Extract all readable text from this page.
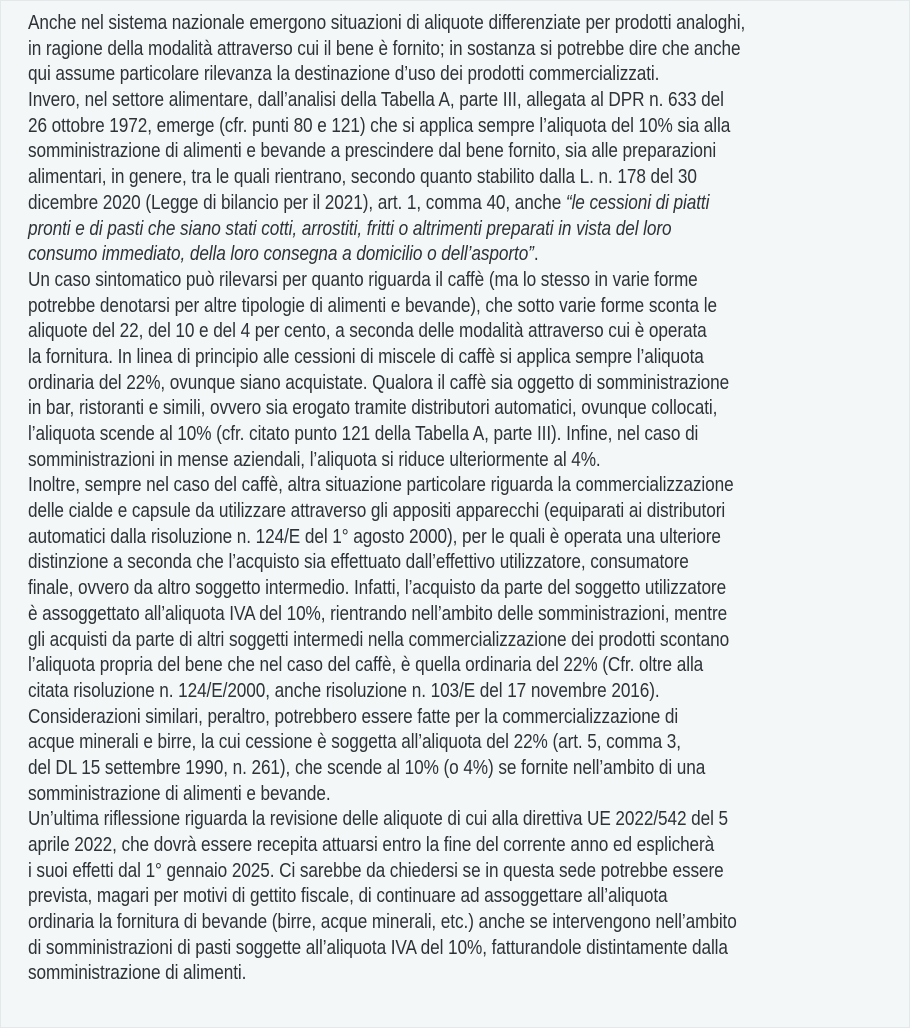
Anche nel sistema nazionale emergono situazioni di aliquote differenziate per prodotti analoghi,
in ragione della modalità attraverso cui il bene è fornito; in sostanza si potrebbe dire che anche
qui assume particolare rilevanza la destinazione d’uso dei prodotti commercializzati.

Invero, nel settore alimentare, dall’analisi della Tabella A, parte III, allegata al DPR n. 633 del
26 ottobre 1972, emerge (cfr. punti 80 e 121) che si applica sempre l’aliquota del 10% sia alla
somministrazione di alimenti e bevande a prescindere dal bene fornito, sia alle preparazioni
alimentari, in genere, tra le quali rientrano, secondo quanto stabilito dalla L. n. 178 del 30
dicembre 2020 (Legge di bilancio per il 2021), art. 1, comma 40, anche “le cessioni di piatti
pronti e di pasti che siano stati cotti, arrostiti, fritti o altrimenti preparati in vista del loro
consumo immediato, della loro consegna a domicilio o dell’asporto”.

Un caso sintomatico può rilevarsi per quanto riguarda il caffè (ma lo stesso in varie forme
potrebbe denotarsi per altre tipologie di alimenti e bevande), che sotto varie forme sconta le
aliquote del 22, del 10 e del 4 per cento, a seconda delle modalità attraverso cui è operata
la fornitura. In linea di principio alle cessioni di miscele di caffè si applica sempre l’aliquota
ordinaria del 22%, ovunque siano acquistate. Qualora il caffè sia oggetto di somministrazione
in bar, ristoranti e simili, ovvero sia erogato tramite distributori automatici, ovunque collocati,
l’aliquota scende al 10% (cfr. citato punto 121 della Tabella A, parte III). Infine, nel caso di
somministrazioni in mense aziendali, l’aliquota si riduce ulteriormente al 4%.

Inoltre, sempre nel caso del caffè, altra situazione particolare riguarda la commercializzazione
delle cialde e capsule da utilizzare attraverso gli appositi apparecchi (equiparati ai distributori
automatici dalla risoluzione n. 124/E del 1° agosto 2000), per le quali è operata una ulteriore
distinzione a seconda che l’acquisto sia effettuato dall’effettivo utilizzatore, consumatore
finale, ovvero da altro soggetto intermedio. Infatti, l’acquisto da parte del soggetto utilizzatore
è assoggettato all’aliquota IVA del 10%, rientrando nell’ambito delle somministrazioni, mentre
gli acquisti da parte di altri soggetti intermedi nella commercializzazione dei prodotti scontano
l’aliquota propria del bene che nel caso del caffè, è quella ordinaria del 22% (Cfr. oltre alla
citata risoluzione n. 124/E/2000, anche risoluzione n. 103/E del 17 novembre 2016).

Considerazioni similari, peraltro, potrebbero essere fatte per la commercializzazione di
acque minerali e birre, la cui cessione è soggetta all’aliquota del 22% (art. 5, comma 3,
del DL 15 settembre 1990, n. 261), che scende al 10% (o 4%) se fornite nell’ambito di una
somministrazione di alimenti e bevande.

Un’ultima riflessione riguarda la revisione delle aliquote di cui alla direttiva UE 2022/542 del 5
aprile 2022, che dovrà essere recepita attuarsi entro la fine del corrente anno ed esplicherà
i suoi effetti dal 1° gennaio 2025. Ci sarebbe da chiedersi se in questa sede potrebbe essere
prevista, magari per motivi di gettito fiscale, di continuare ad assoggettare all’aliquota
ordinaria la fornitura di bevande (birre, acque minerali, etc.) anche se intervengono nell’ambito
di somministrazioni di pasti soggette all’aliquota IVA del 10%, fatturandole distintamente dalla
somministrazione di alimenti.
